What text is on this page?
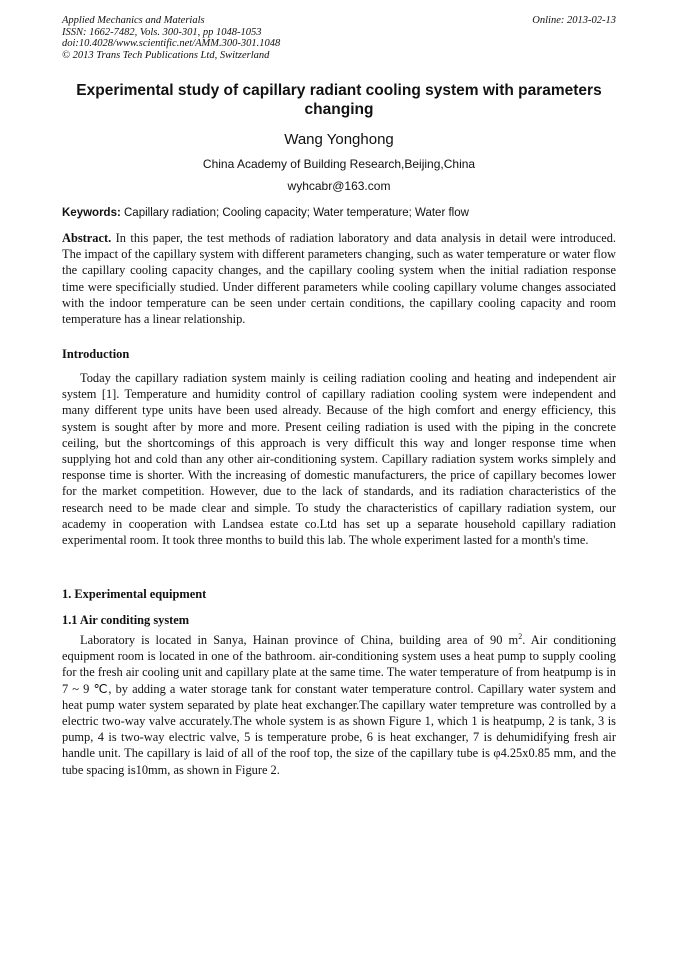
Applied Mechanics and Materials
ISSN: 1662-7482, Vols. 300-301, pp 1048-1053
doi:10.4028/www.scientific.net/AMM.300-301.1048
© 2013 Trans Tech Publications Ltd, Switzerland
Online: 2013-02-13
Experimental study of capillary radiant cooling system with parameters changing
Wang Yonghong
China Academy of Building Research,Beijing,China
wyhcabr@163.com
Keywords: Capillary radiation; Cooling capacity; Water temperature; Water flow

Abstract. In this paper, the test methods of radiation laboratory and data analysis in detail were introduced. The impact of the capillary system with different parameters changing, such as water temperature or water flow the capillary cooling capacity changes, and the capillary cooling system when the initial radiation response time were specificially studied. Under different parameters while cooling capillary volume changes associated with the indoor temperature can be seen under certain conditions, the capillary cooling capacity and room temperature has a linear relationship.

Introduction

Today the capillary radiation system mainly is ceiling radiation cooling and heating and independent air system [1]. Temperature and humidity control of capillary radiation cooling system were independent and many different type units have been used already. Because of the high comfort and energy efficiency, this system is sought after by more and more. Present ceiling radiation is used with the piping in the concrete ceiling, but the shortcomings of this approach is very difficult this way and longer response time when supplying hot and cold than any other air-conditioning system. Capillary radiation system works simplely and response time is shorter. With the increasing of domestic manufacturers, the price of capillary becomes lower for the market competition. However, due to the lack of standards, and its radiation characteristics of the research need to be made clear and simple. To study the characteristics of capillary radiation system, our academy in cooperation with Landsea estate co.Ltd has set up a separate household capillary radiation experimental room. It took three months to build this lab. The whole experiment lasted for a month's time.

1. Experimental equipment
1.1 Air conditing system

Laboratory is located in Sanya, Hainan province of China, building area of 90 $m^2$. Air conditioning equipment room is located in one of the bathroom. air-conditioning system uses a heat pump to supply cooling for the fresh air cooling unit and capillary plate at the same time. The water temperature of from heatpump is in 7 ~ 9 ℃, by adding a water storage tank for constant water temperature control. Capillary water system and heat pump water system separated by plate heat exchanger.The capillary water tempreture was controlled by a electric two-way valve accurately.The whole system is as shown Figure 1, which 1 is heatpump, 2 is tank, 3 is pump, 4 is two-way electric valve, 5 is temperature probe, 6 is heat exchanger, 7 is dehumidifying fresh air handle unit. The capillary is laid of all of the roof top, the size of the capillary tube is φ4.25x0.85 mm, and the tube spacing is10mm, as shown in Figure 2.
